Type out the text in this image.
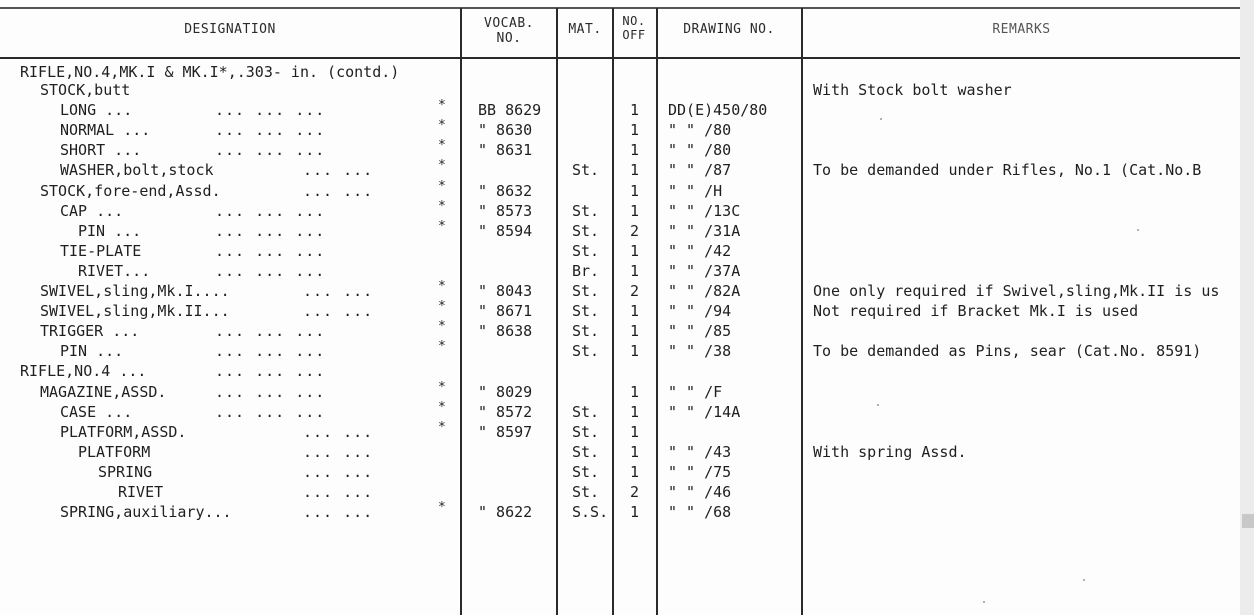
DESIGNATION	VOCAB.
NO.
MAT.
NO.
OFF	DRAWING NO.	REMARKS
RIFLE,NO.4,MK.I & MK.I*,.303- in. (contd.)
STOCK,butt	With Stock bolt washer
LONG ...	... ... ...	* BB 8629	1 DD(E)450/80
NORMAL ...	... ... ...	* " 8630	1 " " /80
SHORT ...	... ... ...	* " 8631	1 " " /80
WASHER,bolt,stock	... ...	*	St. 1 " " /87	To be demanded under Rifles, No.1 (Cat.No.B
STOCK,fore-end,Assd.	... ...	* " 8632	1 " " /H
CAP ...	... ... ...	* " 8573	St. 1 " " /13C
PIN ...	... ... ...	* " 8594	St. 2 " " /31A
TIE-PLATE	... ... ...	St. 1 " " /42
RIVET...	... ... ...	Br. 1 " " /37A
SWIVEL,sling,Mk.I....	... ...	* " 8043	St. 2 " " /82A	One only required if Swivel,sling,Mk.II is us
SWIVEL,sling,Mk.II...	... ...	* " 8671	St. 1 " " /94	Not required if Bracket Mk.I is used
TRIGGER ...	... ... ...	* " 8638	St. 1 " " /85
PIN ...	... ... ...	*	St. 1 " " /38	To be demanded as Pins, sear (Cat.No. 8591)
RIFLE,NO.4 ...	... ... ...
MAGAZINE,ASSD.	... ... ...	* " 8029	1 " " /F
CASE ...	... ... ...	* " 8572	St. 1 " " /14A
PLATFORM,ASSD.	... ...	* " 8597	St. 1
PLATFORM	... ...	St. 1 " " /43	With spring Assd.
SPRING	... ...	St. 1 " " /75
RIVET	... ...	St. 2 " " /46
SPRING,auxiliary...	... ...	* " 8622	S.S. 1 " " /68
